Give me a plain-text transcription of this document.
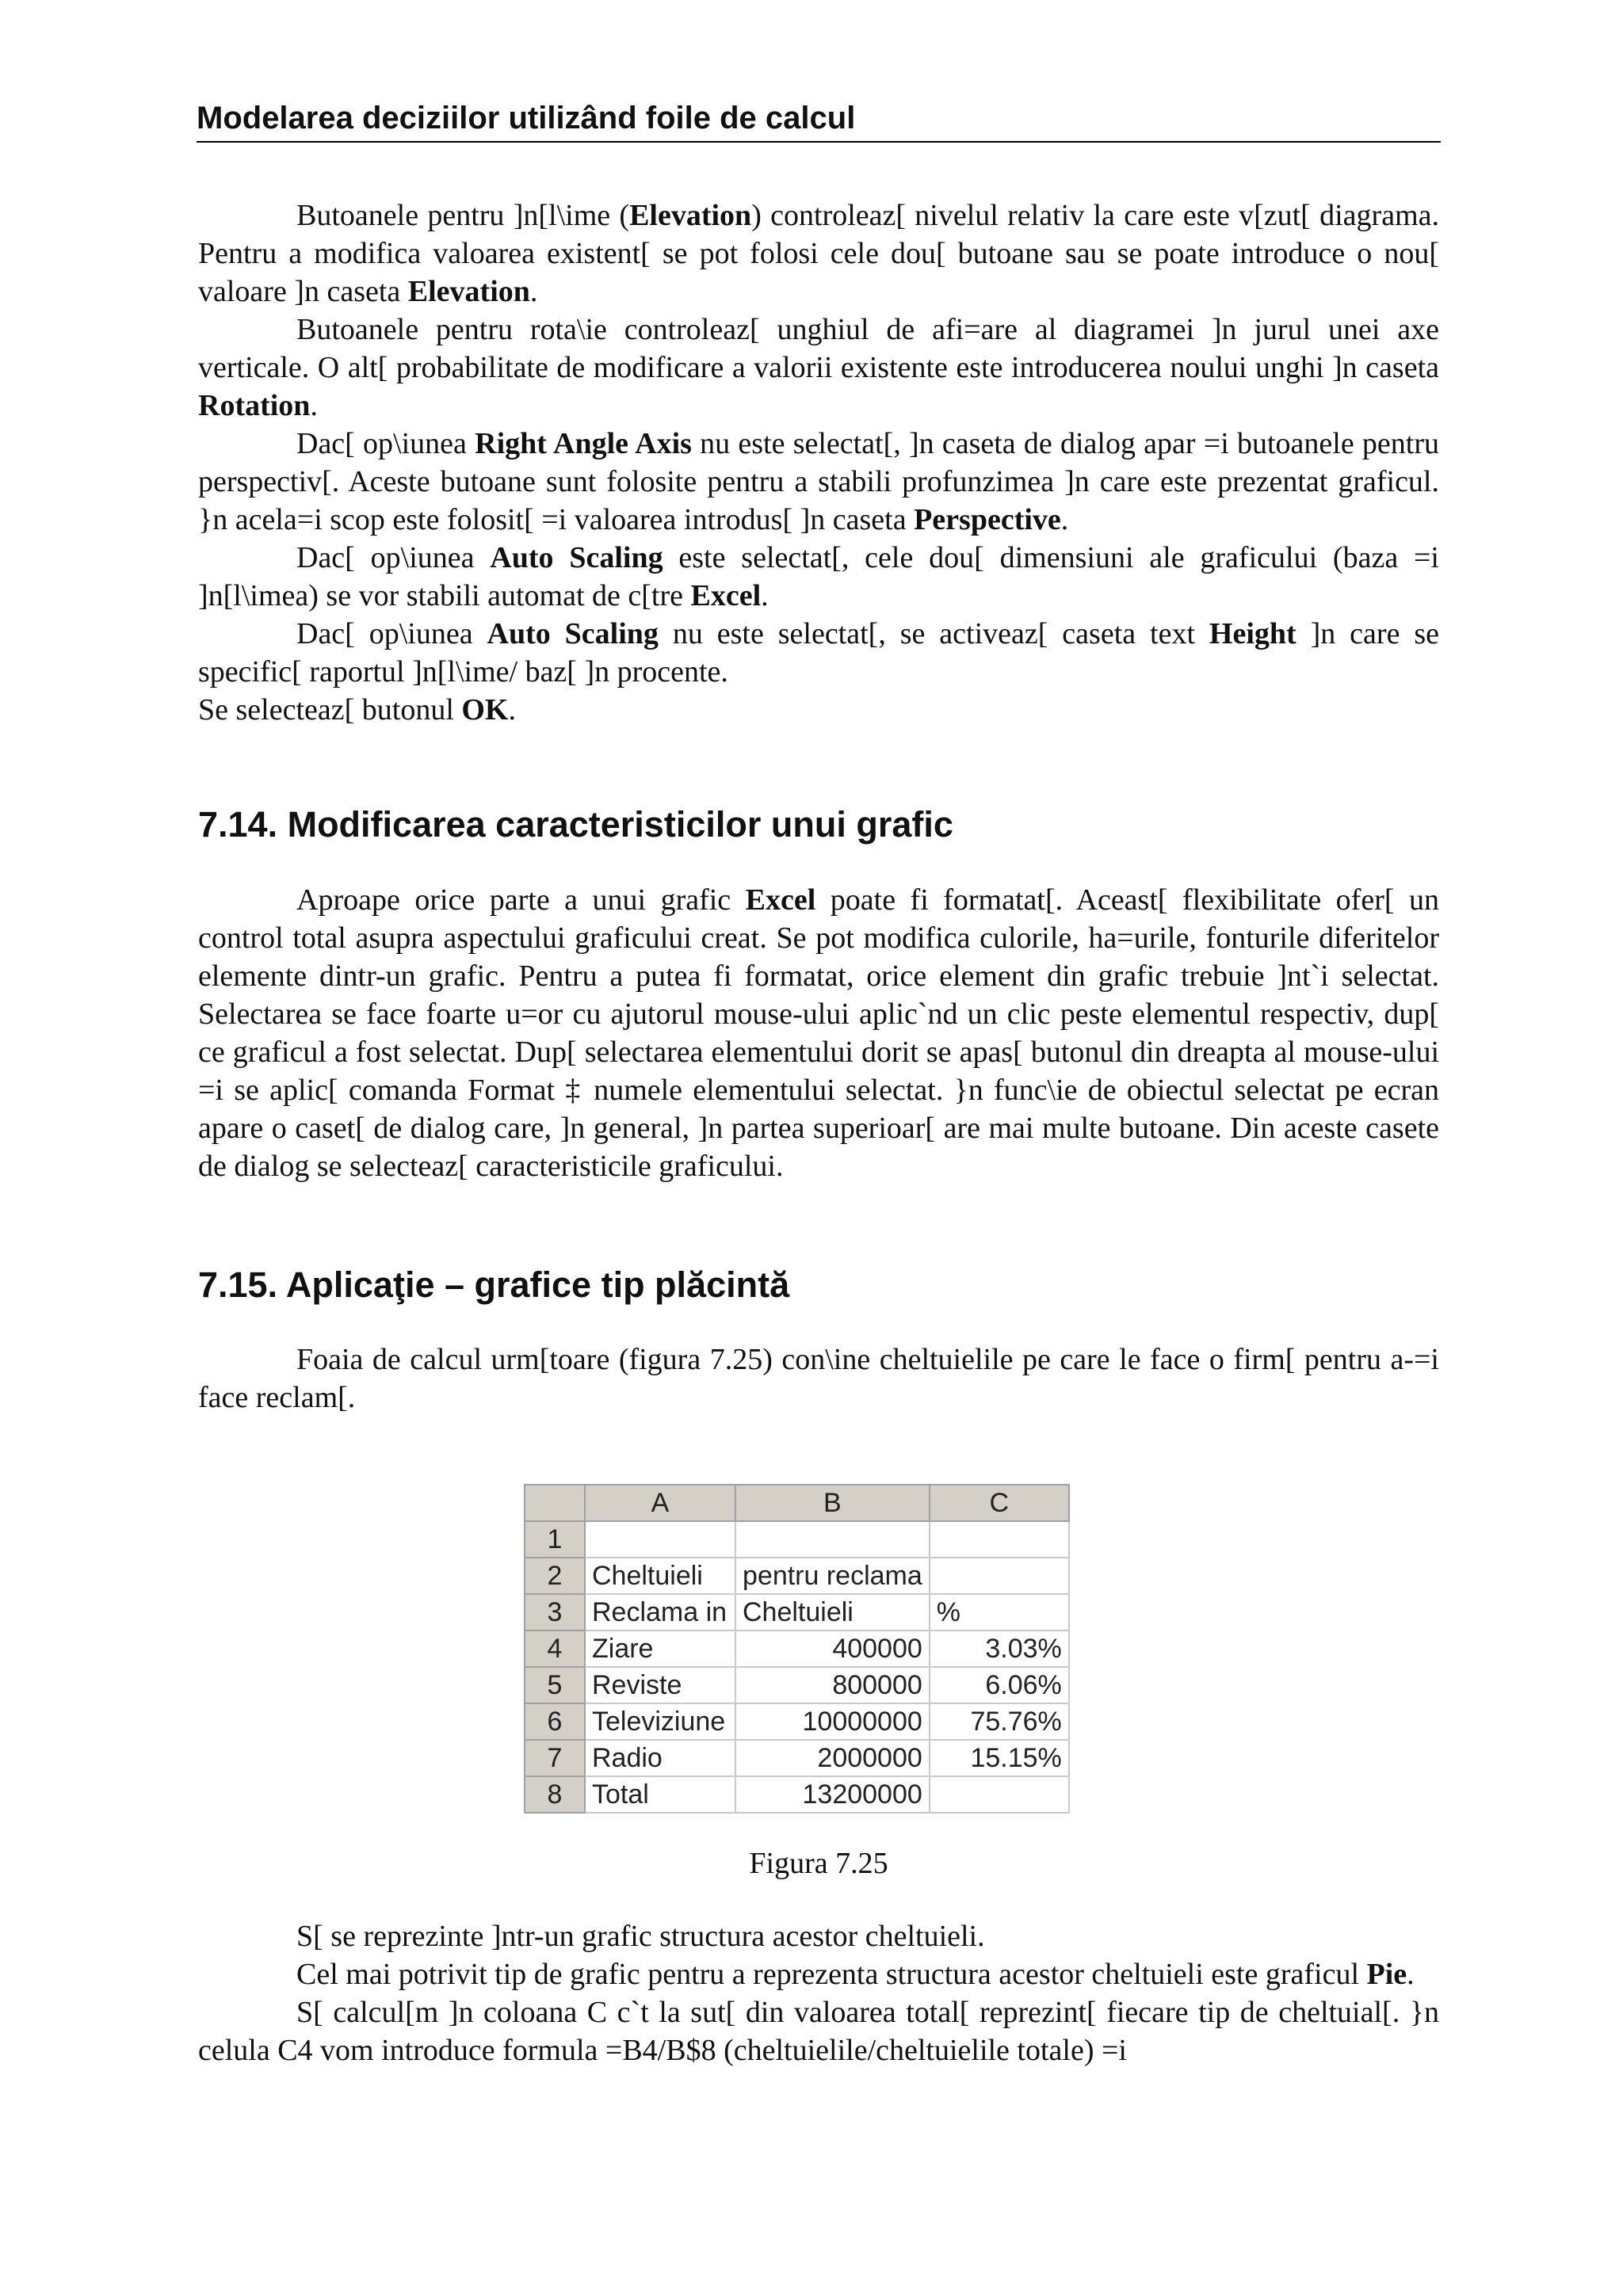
Modelarea deciziilor utilizând foile de calcul

Butoanele pentru ]n[l\ime (Elevation) controleaz[ nivelul relativ la care este v[zut[ diagrama. Pentru a modifica valoarea existent[ se pot folosi cele dou[ butoane sau se poate introduce o nou[ valoare ]n caseta Elevation.

Butoanele pentru rota\ie controleaz[ unghiul de afi=are al diagramei ]n jurul unei axe verticale. O alt[ probabilitate de modificare a valorii existente este introducerea noului unghi ]n caseta Rotation.

Dac[ op\iunea Right Angle Axis nu este selectat[, ]n caseta de dialog apar =i butoanele pentru perspectiv[. Aceste butoane sunt folosite pentru a stabili profunzimea ]n care este prezentat graficul. }n acela=i scop este folosit[ =i valoarea introdus[ ]n caseta Perspective.

Dac[ op\iunea Auto Scaling este selectat[, cele dou[ dimensiuni ale graficului (baza =i ]n[l\imea) se vor stabili automat de c[tre Excel.

Dac[ op\iunea Auto Scaling nu este selectat[, se activeaz[ caseta text Height ]n care se specific[ raportul ]n[l\ime/ baz[ ]n procente.

Se selecteaz[ butonul OK.

7.14. Modificarea caracteristicilor unui grafic

Aproape orice parte a unui grafic Excel poate fi formatat[. Aceast[ flexibilitate ofer[ un control total asupra aspectului graficului creat. Se pot modifica culorile, ha=urile, fonturile diferitelor elemente dintr-un grafic. Pentru a putea fi formatat, orice element din grafic trebuie ]nt`i selectat. Selectarea se face foarte u=or cu ajutorul mouse-ului aplic`nd un clic peste elementul respectiv, dup[ ce graficul a fost selectat. Dup[ selectarea elementului dorit se apas[ butonul din dreapta al mouse-ului =i se aplic[ comanda Format ‡ numele elementului selectat. }n func\ie de obiectul selectat pe ecran apare o caset[ de dialog care, ]n general, ]n partea superioar[ are mai multe butoane. Din aceste casete de dialog se selecteaz[ caracteristicile graficului.

7.15. Aplicaţie – grafice tip plăcintă

Foaia de calcul urm[toare (figura 7.25) con\ine cheltuielile pe care le face o firm[ pentru a-=i face reclam[.

	A	B	C
1			
2	Cheltuieli	pentru reclama	
3	Reclama in	Cheltuieli	%
4	Ziare	400000	3.03%
5	Reviste	800000	6.06%
6	Televiziune	10000000	75.76%
7	Radio	2000000	15.15%
8	Total	13200000	
Figura 7.25

S[ se reprezinte ]ntr-un grafic structura acestor cheltuieli.

Cel mai potrivit tip de grafic pentru a reprezenta structura acestor cheltuieli este graficul Pie.

S[ calcul[m ]n coloana C c`t la sut[ din valoarea total[ reprezint[ fiecare tip de cheltuial[. }n celula C4 vom introduce formula =B4/B$8 (cheltuielile/cheltuielile totale) =i
